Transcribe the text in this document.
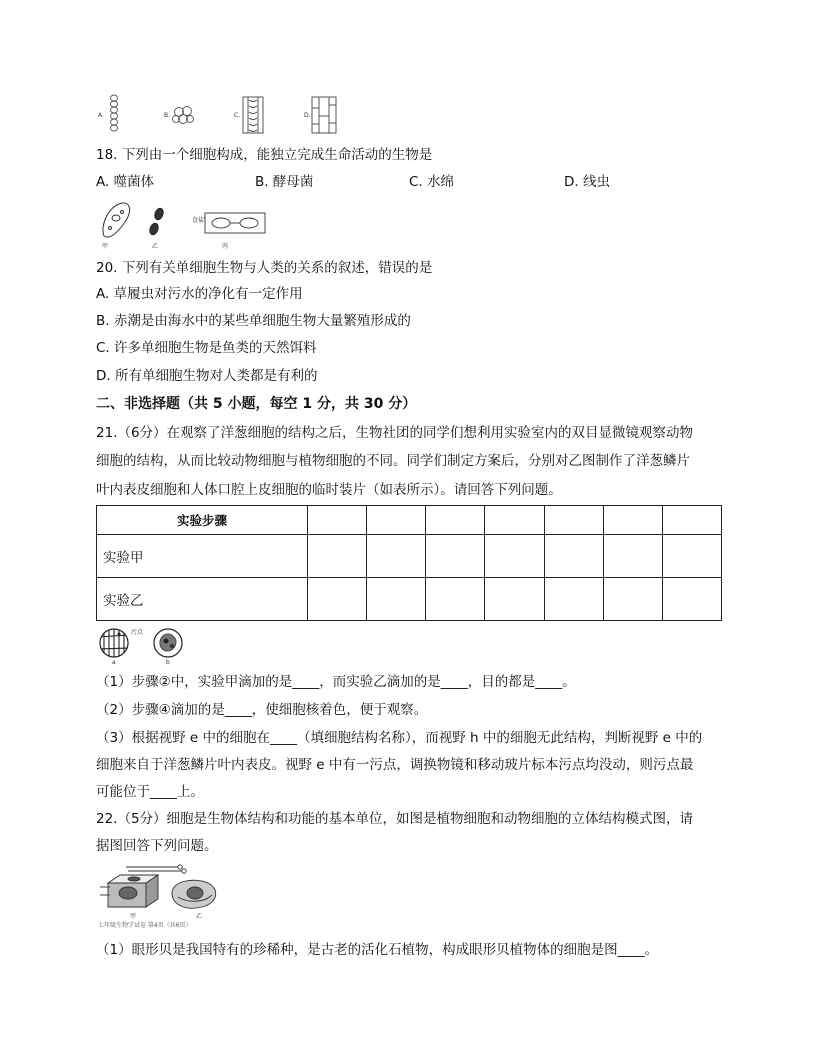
A.	B.	C.	D.
18. 下列由一个细胞构成，能独立完成生命活动的生物是
A. 噬菌体	B. 酵母菌	C. 水绵	D. 线虫
甲	乙
食盐
丙
20. 下列有关单细胞生物与人类的关系的叙述，错误的是
A. 草履虫对污水的净化有一定作用
B. 赤潮是由海水中的某些单细胞生物大量繁殖形成的
C. 许多单细胞生物是鱼类的天然饵料
D. 所有单细胞生物对人类都是有利的
二、非选择题（共 5 小题，每空 1 分，共 30 分）
21.（6分）在观察了洋葱细胞的结构之后，生物社团的同学们想利用实验室内的双目显微镜观察动物
细胞的结构，从而比较动物细胞与植物细胞的不同。同学们制定方案后，分别对乙图制作了洋葱鳞片
叶内表皮细胞和人体口腔上皮细胞的临时装片（如表所示）。请回答下列问题。
实验步骤							
实验甲							
实验乙							
污点
a	b
（1）步骤②中，实验甲滴加的是____，而实验乙滴加的是____，目的都是____。
（2）步骤④滴加的是____，使细胞核着色，便于观察。
（3）根据视野 e 中的细胞在____（填细胞结构名称），而视野 h 中的细胞无此结构，判断视野 e 中的
细胞来自于洋葱鳞片叶内表皮。视野 e 中有一污点，调换物镜和移动玻片标本污点均没动，则污点最
可能位于____上。
22.（5分）细胞是生物体结构和功能的基本单位，如图是植物细胞和动物细胞的立体结构模式图，请
据图回答下列问题。
甲	乙
七年级生物学试卷 第4页（共6页）
（1）眼形贝是我国特有的珍稀种，是古老的活化石植物，构成眼形贝植物体的细胞是图____。
